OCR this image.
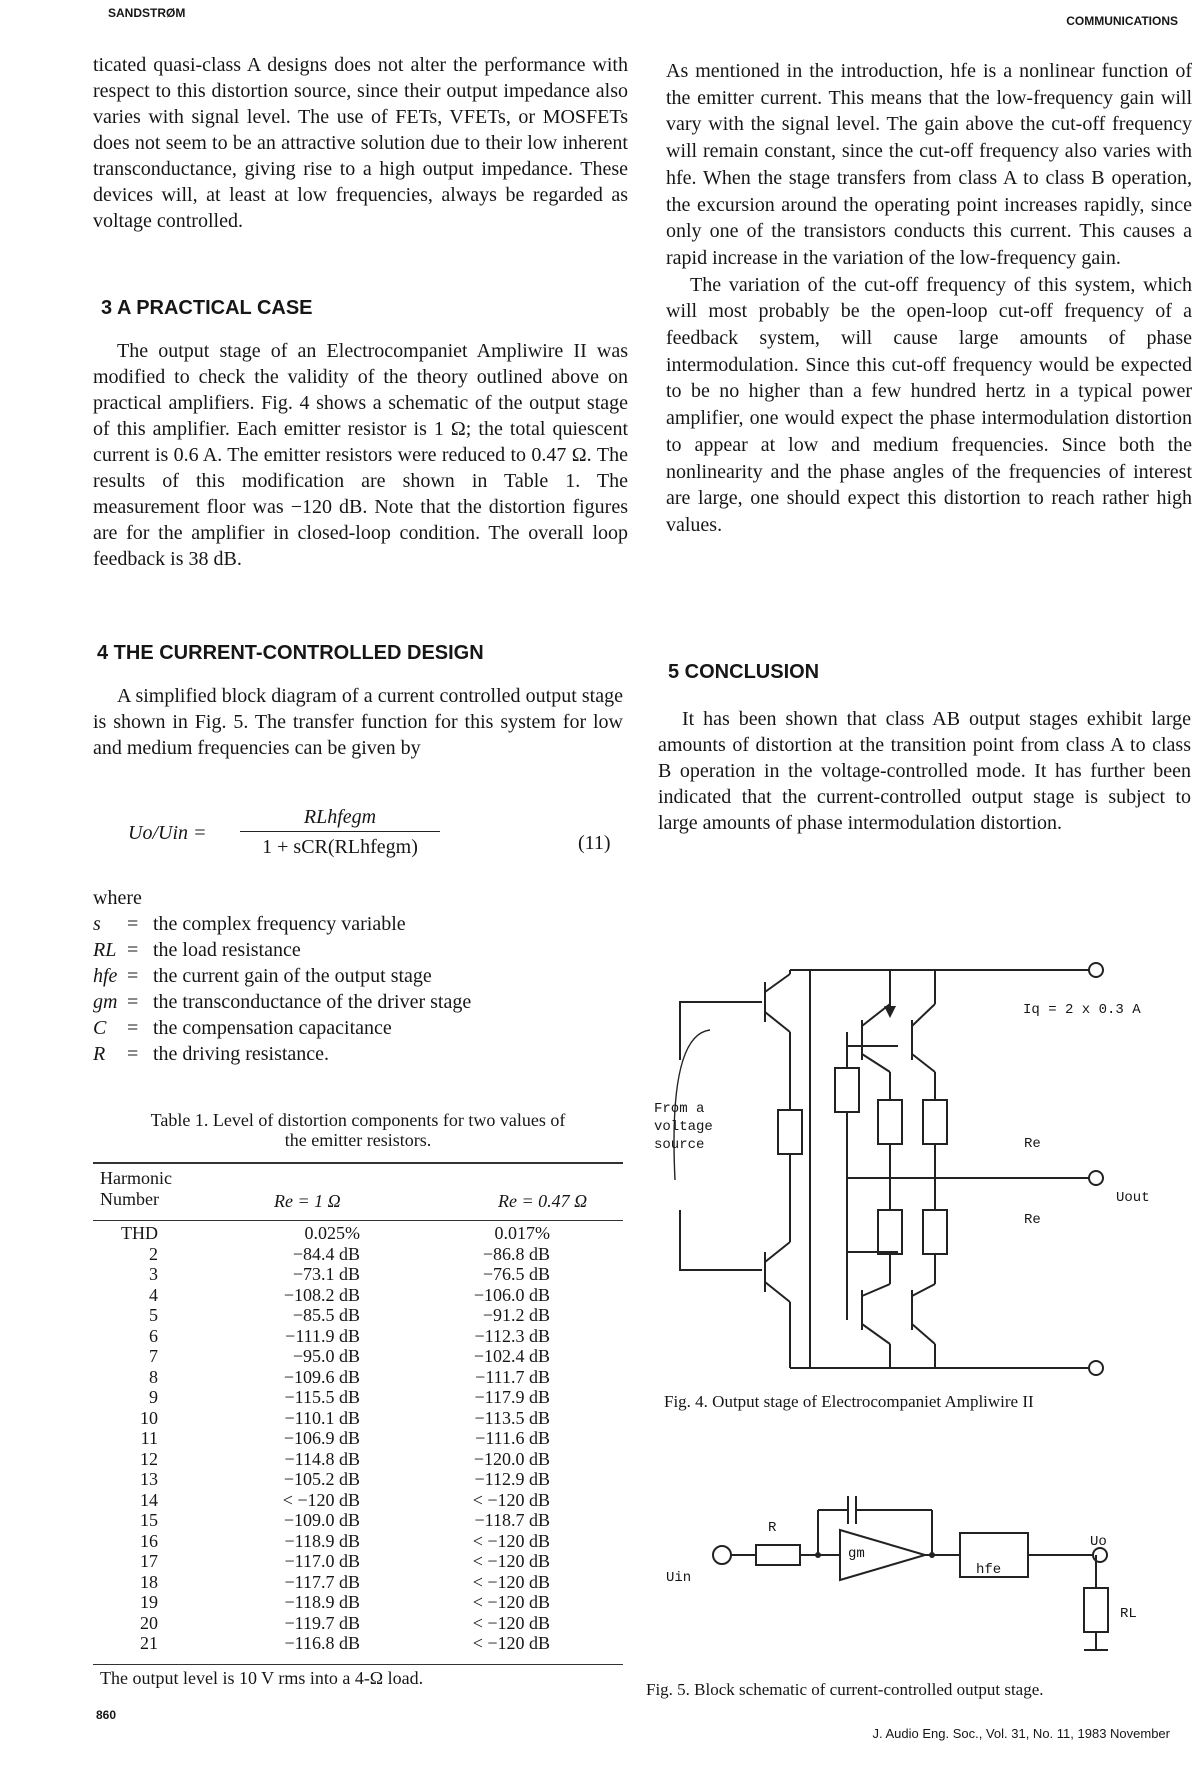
SANDSTRØM
COMMUNICATIONS

ticated quasi-class A designs does not alter the performance with respect to this distortion source, since their output impedance also varies with signal level. The use of FETs, VFETs, or MOSFETs does not seem to be an attractive solution due to their low inherent transconductance, giving rise to a high output impedance. These devices will, at least at low frequencies, always be regarded as voltage controlled.

3 A PRACTICAL CASE

The output stage of an Electrocompaniet Ampliwire II was modified to check the validity of the theory outlined above on practical amplifiers. Fig. 4 shows a schematic of the output stage of this amplifier. Each emitter resistor is 1 Ω; the total quiescent current is 0.6 A. The emitter resistors were reduced to 0.47 Ω. The results of this modification are shown in Table 1. The measurement floor was −120 dB. Note that the distortion figures are for the amplifier in closed-loop condition. The overall loop feedback is 38 dB.

4 THE CURRENT-CONTROLLED DESIGN

A simplified block diagram of a current controlled output stage is shown in Fig. 5. The transfer function for this system for low and medium frequencies can be given by

Uo/Uin =
RLhfegm
1 + sCR(RLhfegm)	(11)
where
s = the complex frequency variable
RL = the load resistance
hfe = the current gain of the output stage
gm = the transconductance of the driver stage
C = the compensation capacitance
R = the driving resistance.
Table 1. Level of distortion components for two values of
the emitter resistors.
Harmonic
Number	Re = 1 Ω	Re = 0.47 Ω
THD	0.025%	0.017%
2	−84.4 dB	−86.8 dB
3	−73.1 dB	−76.5 dB
4	−108.2 dB	−106.0 dB
5	−85.5 dB	−91.2 dB
6	−111.9 dB	−112.3 dB
7	−95.0 dB	−102.4 dB
8	−109.6 dB	−111.7 dB
9	−115.5 dB	−117.9 dB
10	−110.1 dB	−113.5 dB
11	−106.9 dB	−111.6 dB
12	−114.8 dB	−120.0 dB
13	−105.2 dB	−112.9 dB
14	< −120 dB	< −120 dB
15	−109.0 dB	−118.7 dB
16	−118.9 dB	< −120 dB
17	−117.0 dB	< −120 dB
18	−117.7 dB	< −120 dB
19	−118.9 dB	< −120 dB
20	−119.7 dB	< −120 dB
21	−116.8 dB	< −120 dB
The output level is 10 V rms into a 4-Ω load.

As mentioned in the introduction, hfe is a nonlinear function of the emitter current. This means that the low-frequency gain will vary with the signal level. The gain above the cut-off frequency will remain constant, since the cut-off frequency also varies with hfe. When the stage transfers from class A to class B operation, the excursion around the operating point increases rapidly, since only one of the transistors conducts this current. This causes a rapid increase in the variation of the low-frequency gain.

The variation of the cut-off frequency of this system, which will most probably be the open-loop cut-off frequency of a feedback system, will cause large amounts of phase intermodulation. Since this cut-off frequency would be expected to be no higher than a few hundred hertz in a typical power amplifier, one would expect the phase intermodulation distortion to appear at low and medium frequencies. Since both the nonlinearity and the phase angles of the frequencies of interest are large, one should expect this distortion to reach rather high values.

5 CONCLUSION

It has been shown that class AB output stages exhibit large amounts of distortion at the transition point from class A to class B operation in the voltage-controlled mode. It has further been indicated that the current-controlled output stage is subject to large amounts of phase intermodulation distortion.

From a
voltage
source
Iq = 2 x 0.3 A
Re
Re
Uout
Fig. 4. Output stage of Electrocompaniet Ampliwire II
Uin
R
gm
hfe
Uo
RL
Fig. 5. Block schematic of current-controlled output stage.
860
J. Audio Eng. Soc., Vol. 31, No. 11, 1983 November
